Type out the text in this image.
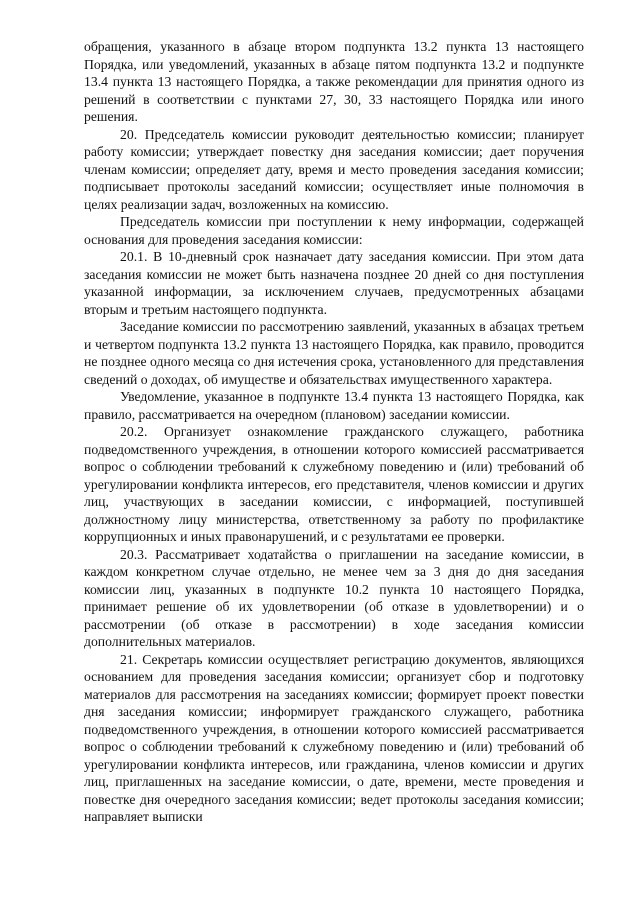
обращения, указанного в абзаце втором подпункта 13.2 пункта 13 настоящего Порядка, или уведомлений, указанных в абзаце пятом подпункта 13.2 и подпункте 13.4 пункта 13 настоящего Порядка, а также рекомендации для принятия одного из решений в соответствии с пунктами 27, 30, 33 настоящего Порядка или иного решения.

20. Председатель комиссии руководит деятельностью комиссии; планирует работу комиссии; утверждает повестку дня заседания комиссии; дает поручения членам комиссии; определяет дату, время и место проведения заседания комиссии; подписывает протоколы заседаний комиссии; осуществляет иные полномочия в целях реализации задач, возложенных на комиссию.

Председатель комиссии при поступлении к нему информации, содержащей основания для проведения заседания комиссии:

20.1. В 10-дневный срок назначает дату заседания комиссии. При этом дата заседания комиссии не может быть назначена позднее 20 дней со дня поступления указанной информации, за исключением случаев, предусмотренных абзацами вторым и третьим настоящего подпункта.

Заседание комиссии по рассмотрению заявлений, указанных в абзацах третьем и четвертом подпункта 13.2 пункта 13 настоящего Порядка, как правило, проводится не позднее одного месяца со дня истечения срока, установленного для представления сведений о доходах, об имуществе и обязательствах имущественного характера.

Уведомление, указанное в подпункте 13.4 пункта 13 настоящего Порядка, как правило, рассматривается на очередном (плановом) заседании комиссии.

20.2. Организует ознакомление гражданского служащего, работника подведомственного учреждения, в отношении которого комиссией рассматривается вопрос о соблюдении требований к служебному поведению и (или) требований об урегулировании конфликта интересов, его представителя, членов комиссии и других лиц, участвующих в заседании комиссии, с информацией, поступившей должностному лицу министерства, ответственному за работу по профилактике коррупционных и иных правонарушений, и с результатами ее проверки.

20.3. Рассматривает ходатайства о приглашении на заседание комиссии, в каждом конкретном случае отдельно, не менее чем за 3 дня до дня заседания комиссии лиц, указанных в подпункте 10.2 пункта 10 настоящего Порядка, принимает решение об их удовлетворении (об отказе в удовлетворении) и о рассмотрении (об отказе в рассмотрении) в ходе заседания комиссии дополнительных материалов.

21. Секретарь комиссии осуществляет регистрацию документов, являющихся основанием для проведения заседания комиссии; организует сбор и подготовку материалов для рассмотрения на заседаниях комиссии; формирует проект повестки дня заседания комиссии; информирует гражданского служащего, работника подведомственного учреждения, в отношении которого комиссией рассматривается вопрос о соблюдении требований к служебному поведению и (или) требований об урегулировании конфликта интересов, или гражданина, членов комиссии и других лиц, приглашенных на заседание комиссии, о дате, времени, месте проведения и повестке дня очередного заседания комиссии; ведет протоколы заседания комиссии; направляет выписки
